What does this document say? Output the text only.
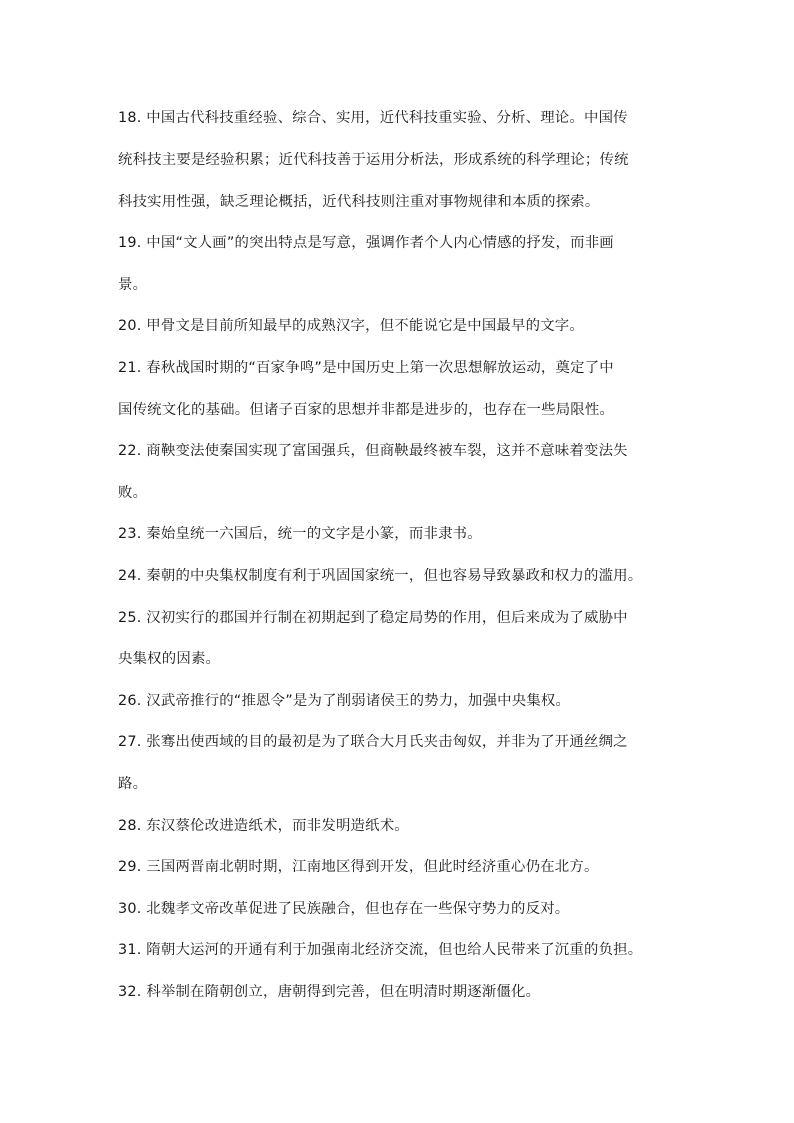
18. 中国古代科技重经验、综合、实用，近代科技重实验、分析、理论。中国传
统科技主要是经验积累；近代科技善于运用分析法，形成系统的科学理论；传统
科技实用性强，缺乏理论概括，近代科技则注重对事物规律和本质的探索。
19. 中国“文人画”的突出特点是写意，强调作者个人内心情感的抒发，而非画
景。
20. 甲骨文是目前所知最早的成熟汉字，但不能说它是中国最早的文字。
21. 春秋战国时期的“百家争鸣”是中国历史上第一次思想解放运动，奠定了中
国传统文化的基础。但诸子百家的思想并非都是进步的，也存在一些局限性。
22. 商鞅变法使秦国实现了富国强兵，但商鞅最终被车裂，这并不意味着变法失
败。
23. 秦始皇统一六国后，统一的文字是小篆，而非隶书。
24. 秦朝的中央集权制度有利于巩固国家统一，但也容易导致暴政和权力的滥用。
25. 汉初实行的郡国并行制在初期起到了稳定局势的作用，但后来成为了威胁中
央集权的因素。
26. 汉武帝推行的“推恩令”是为了削弱诸侯王的势力，加强中央集权。
27. 张骞出使西域的目的最初是为了联合大月氏夹击匈奴，并非为了开通丝绸之
路。
28. 东汉蔡伦改进造纸术，而非发明造纸术。
29. 三国两晋南北朝时期，江南地区得到开发，但此时经济重心仍在北方。
30. 北魏孝文帝改革促进了民族融合，但也存在一些保守势力的反对。
31. 隋朝大运河的开通有利于加强南北经济交流，但也给人民带来了沉重的负担。
32. 科举制在隋朝创立，唐朝得到完善，但在明清时期逐渐僵化。
